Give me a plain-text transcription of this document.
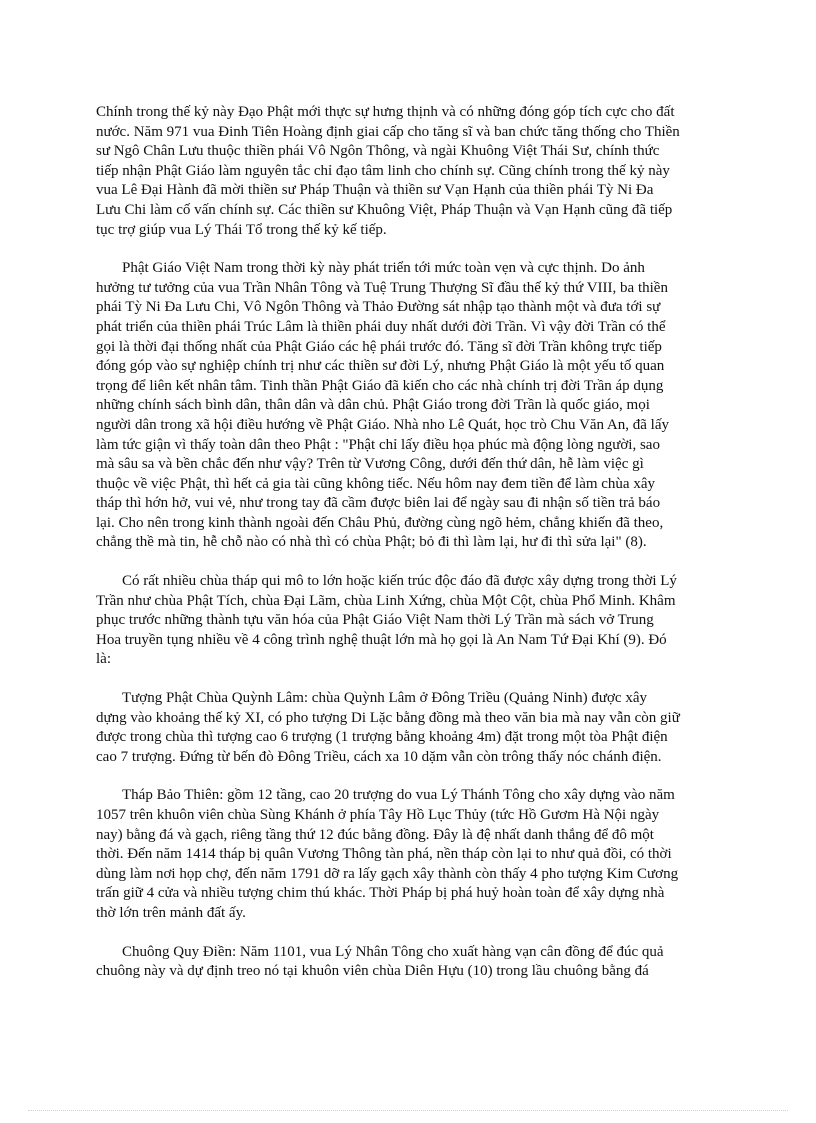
Chính trong thế kỷ này Đạo Phật mới thực sự hưng thịnh và có những đóng góp tích cực cho đất
nước. Năm 971 vua Đinh Tiên Hoàng định giai cấp cho tăng sĩ và ban chức tăng thống cho Thiền
sư Ngô Chân Lưu thuộc thiền phái Vô Ngôn Thông, và ngài Khuông Việt Thái Sư, chính thức
tiếp nhận Phật Giáo làm nguyên tắc chỉ đạo tâm linh cho chính sự. Cũng chính trong thế kỷ này
vua Lê Đại Hành đã mời thiền sư Pháp Thuận và thiền sư Vạn Hạnh của thiền phái Tỳ Ni Đa
Lưu Chi làm cố vấn chính sự. Các thiền sư Khuông Việt, Pháp Thuận và Vạn Hạnh cũng đã tiếp
tục trợ giúp vua Lý Thái Tổ trong thế kỷ kế tiếp.

Phật Giáo Việt Nam trong thời kỳ này phát triển tới mức toàn vẹn và cực thịnh. Do ảnh
hưởng tư tưởng của vua Trần Nhân Tông và Tuệ Trung Thượng Sĩ đầu thế kỷ thứ VIII, ba thiền
phái Tỳ Ni Đa Lưu Chi, Vô Ngôn Thông và Thảo Đường sát nhập tạo thành một và đưa tới sự
phát triển của thiền phái Trúc Lâm là thiền phái duy nhất dưới đời Trần. Vì vậy đời Trần có thể
gọi là thời đại thống nhất của Phật Giáo các hệ phái trước đó. Tăng sĩ đời Trần không trực tiếp
đóng góp vào sự nghiệp chính trị như các thiền sư đời Lý, nhưng Phật Giáo là một yếu tố quan
trọng để liên kết nhân tâm. Tinh thần Phật Giáo đã kiến cho các nhà chính trị đời Trần áp dụng
những chính sách bình dân, thân dân và dân chủ. Phật Giáo trong đời Trần là quốc giáo, mọi
người dân trong xã hội điều hướng về Phật Giáo. Nhà nho Lê Quát, học trò Chu Văn An, đã lấy
làm tức giận vì thấy toàn dân theo Phật : "Phật chỉ lấy điều họa phúc mà động lòng người, sao
mà sâu sa và bền chắc đến như vậy? Trên từ Vương Công, dưới đến thứ dân, hễ làm việc gì
thuộc về việc Phật, thì hết cả gia tài cũng không tiếc. Nếu hôm nay đem tiền để làm chùa xây
tháp thì hớn hở, vui vẻ, như trong tay đã cầm được biên lai để ngày sau đi nhận số tiền trả báo
lại. Cho nên trong kinh thành ngoài đến Châu Phủ, đường cùng ngõ hẻm, chẳng khiến đã theo,
chẳng thề mà tin, hễ chỗ nào có nhà thì có chùa Phật; bỏ đi thì làm lại, hư đi thì sửa lại" (8).

Có rất nhiều chùa tháp qui mô to lớn hoặc kiến trúc độc đáo đã được xây dựng trong thời Lý
Trần như chùa Phật Tích, chùa Đại Lãm, chùa Linh Xứng, chùa Một Cột, chùa Phổ Minh. Khâm
phục trước những thành tựu văn hóa của Phật Giáo Việt Nam thời Lý Trần mà sách vở Trung
Hoa truyền tụng nhiều về 4 công trình nghệ thuật lớn mà họ gọi là An Nam Tứ Đại Khí (9). Đó
là:

Tượng Phật Chùa Quỳnh Lâm: chùa Quỳnh Lâm ở Đông Triều (Quảng Ninh) được xây
dựng vào khoảng thế kỷ XI, có pho tượng Di Lặc bằng đồng mà theo văn bia mà nay vẫn còn giữ
được trong chùa thì tượng cao 6 trượng (1 trượng bằng khoảng 4m) đặt trong một tòa Phật điện
cao 7 trượng. Đứng từ bến đò Đông Triều, cách xa 10 dặm vẫn còn trông thấy nóc chánh điện.

Tháp Bảo Thiên: gồm 12 tầng, cao 20 trượng do vua Lý Thánh Tông cho xây dựng vào năm
1057 trên khuôn viên chùa Sùng Khánh ở phía Tây Hồ Lục Thủy (tức Hồ Gươm Hà Nội ngày
nay) bằng đá và gạch, riêng tầng thứ 12 đúc bằng đồng. Đây là đệ nhất danh thắng để đô một
thời. Đến năm 1414 tháp bị quân Vương Thông tàn phá, nền tháp còn lại to như quả đồi, có thời
dùng làm nơi họp chợ, đến năm 1791 dỡ ra lấy gạch xây thành còn thấy 4 pho tượng Kim Cương
trấn giữ 4 cửa và nhiều tượng chim thú khác. Thời Pháp bị phá huỷ hoàn toàn để xây dựng nhà
thờ lớn trên mảnh đất ấy.

Chuông Quy Điền: Năm 1101, vua Lý Nhân Tông cho xuất hàng vạn cân đồng để đúc quả
chuông này và dự định treo nó tại khuôn viên chùa Diên Hựu (10) trong lầu chuông bằng đá
